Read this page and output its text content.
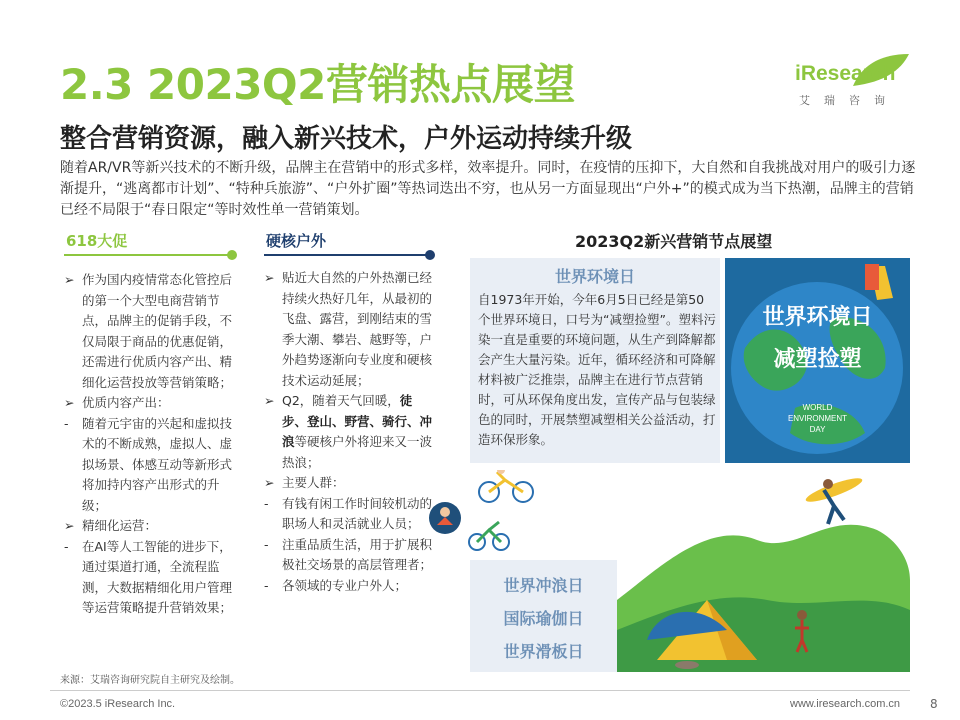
2.3 2023Q2营销热点展望	iResearch
艾瑞咨询
整合营销资源，融入新兴技术，户外运动持续升级
随着AR/VR等新兴技术的不断升级，品牌主在营销中的形式多样，效率提升。同时，在疫情的压抑下，大自然和自我挑战对用户的吸引力逐渐提升，“逃离都市计划”、“特种兵旅游”、“户外扩圈”等热词迭出不穷，也从另一方面显现出“户外+”的模式成为当下热潮，品牌主的营销已经不局限于“春日限定“等时效性单一营销策划。
618大促
➢ 作为国内疫情常态化管控后的第一个大型电商营销节点，品牌主的促销手段，不仅局限于商品的优惠促销，还需进行优质内容产出、精细化运营投放等营销策略；
➢ 优质内容产出：
-	随着元宇宙的兴起和虚拟技术的不断成熟，虚拟人、虚拟场景、体感互动等新形式将加持内容产出形式的升级；
➢ 精细化运营：
-	在AI等人工智能的进步下，通过渠道打通，全流程监测，大数据精细化用户管理等运营策略提升营销效果；
硬核户外
➢ 贴近大自然的户外热潮已经持续火热好几年，从最初的飞盘、露营，到刚结束的雪季大潮、攀岩、越野等，户外趋势逐渐向专业度和硬核技术运动延展；
➢ Q2，随着天气回暖，徒步、登山、野营、骑行、冲浪等硬核户外将迎来又一波热浪；
➢ 主要人群：
-	有钱有闲工作时间较机动的职场人和灵活就业人员；
-	注重品质生活，用于扩展积极社交场景的高层管理者；
-	各领域的专业户外人；
2023Q2新兴营销节点展望
世界环境日
自1973年开始，今年6月5日已经是第50个世界环境日，口号为“减塑捡塑”。塑料污染一直是重要的环境问题，从生产到降解都会产生大量污染。近年，循环经济和可降解材料被广泛推崇，品牌主在进行节点营销时，可从环保角度出发，宣传产品与包装绿色的同时，开展禁塑减塑相关公益活动，打造环保形象。
世界环境日
减塑捡塑
WORLD
ENVIRONMENT
DAY
世界冲浪日
国际瑜伽日
世界滑板日
来源：艾瑞咨询研究院自主研究及绘制。
©2023.5 iResearch Inc.	www.iresearch.com.cn 8
